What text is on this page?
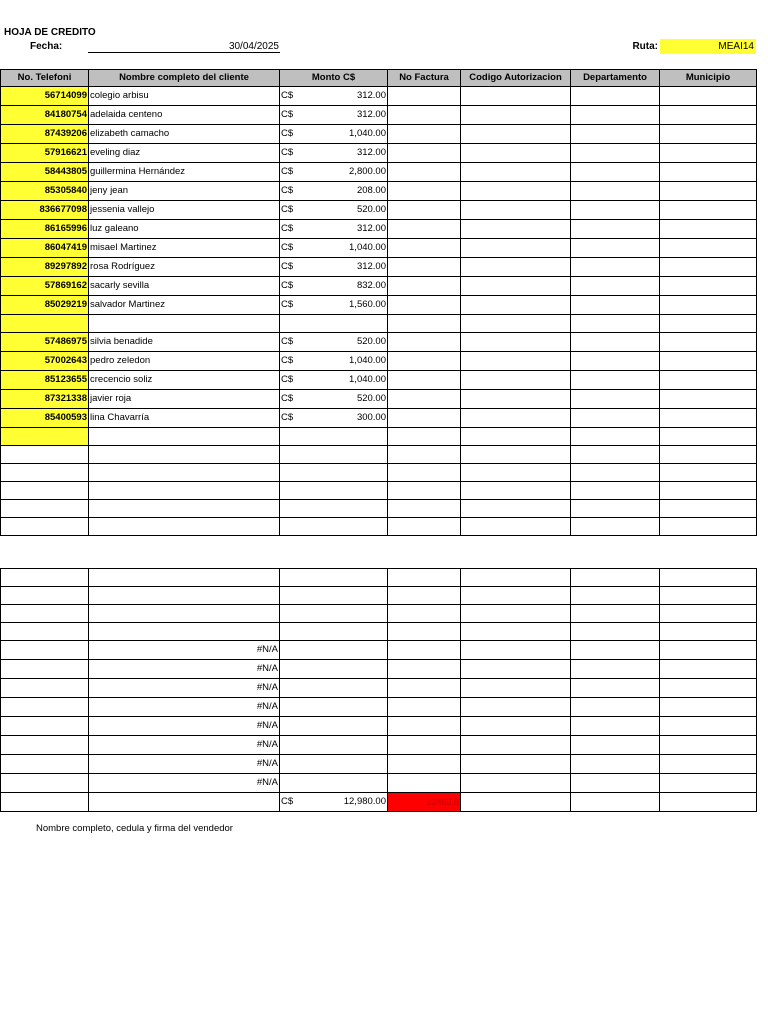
HOJA DE CREDITO
Fecha:	30/04/2025	Ruta:	MEAI14
No. Telefoni	Nombre completo del cliente	Monto C$	No Factura	Codigo Autorizacion	Departamento	Municipio
56714099	colegio arbisu	C$ 312.00				

84180754	adelaida centeno	C$ 312.00				

87439206	elizabeth camacho	C$ 1,040.00				

57916621	eveling diaz	C$ 312.00				

58443805	guillermina Hernández	C$ 2,800.00				

85305840	jeny jean	C$ 208.00				

836677098	jessenia vallejo	C$ 520.00				

86165996	luz galeano	C$ 312.00				

86047419	misael Martinez	C$ 1,040.00				

89297892	rosa Rodríguez	C$ 312.00				

57869162	sacarly sevilla	C$ 832.00				

85029219	salvador Martinez	C$ 1,560.00				

57486975	silvia benadide	C$ 520.00				

57002643	pedro zeledon	C$ 1,040.00				

85123655	crecencio soliz	C$ 1,040.00				

87321338	javier roja	C$ 520.00				

85400593	lina Chavarría	C$ 300.00				

	#N/A					
	#N/A					
	#N/A					
	#N/A					
	#N/A					
	#N/A					
	#N/A					
	#N/A					

		C$ 12,980.00	12460.8			
Nombre completo, cedula y firma del vendedor
